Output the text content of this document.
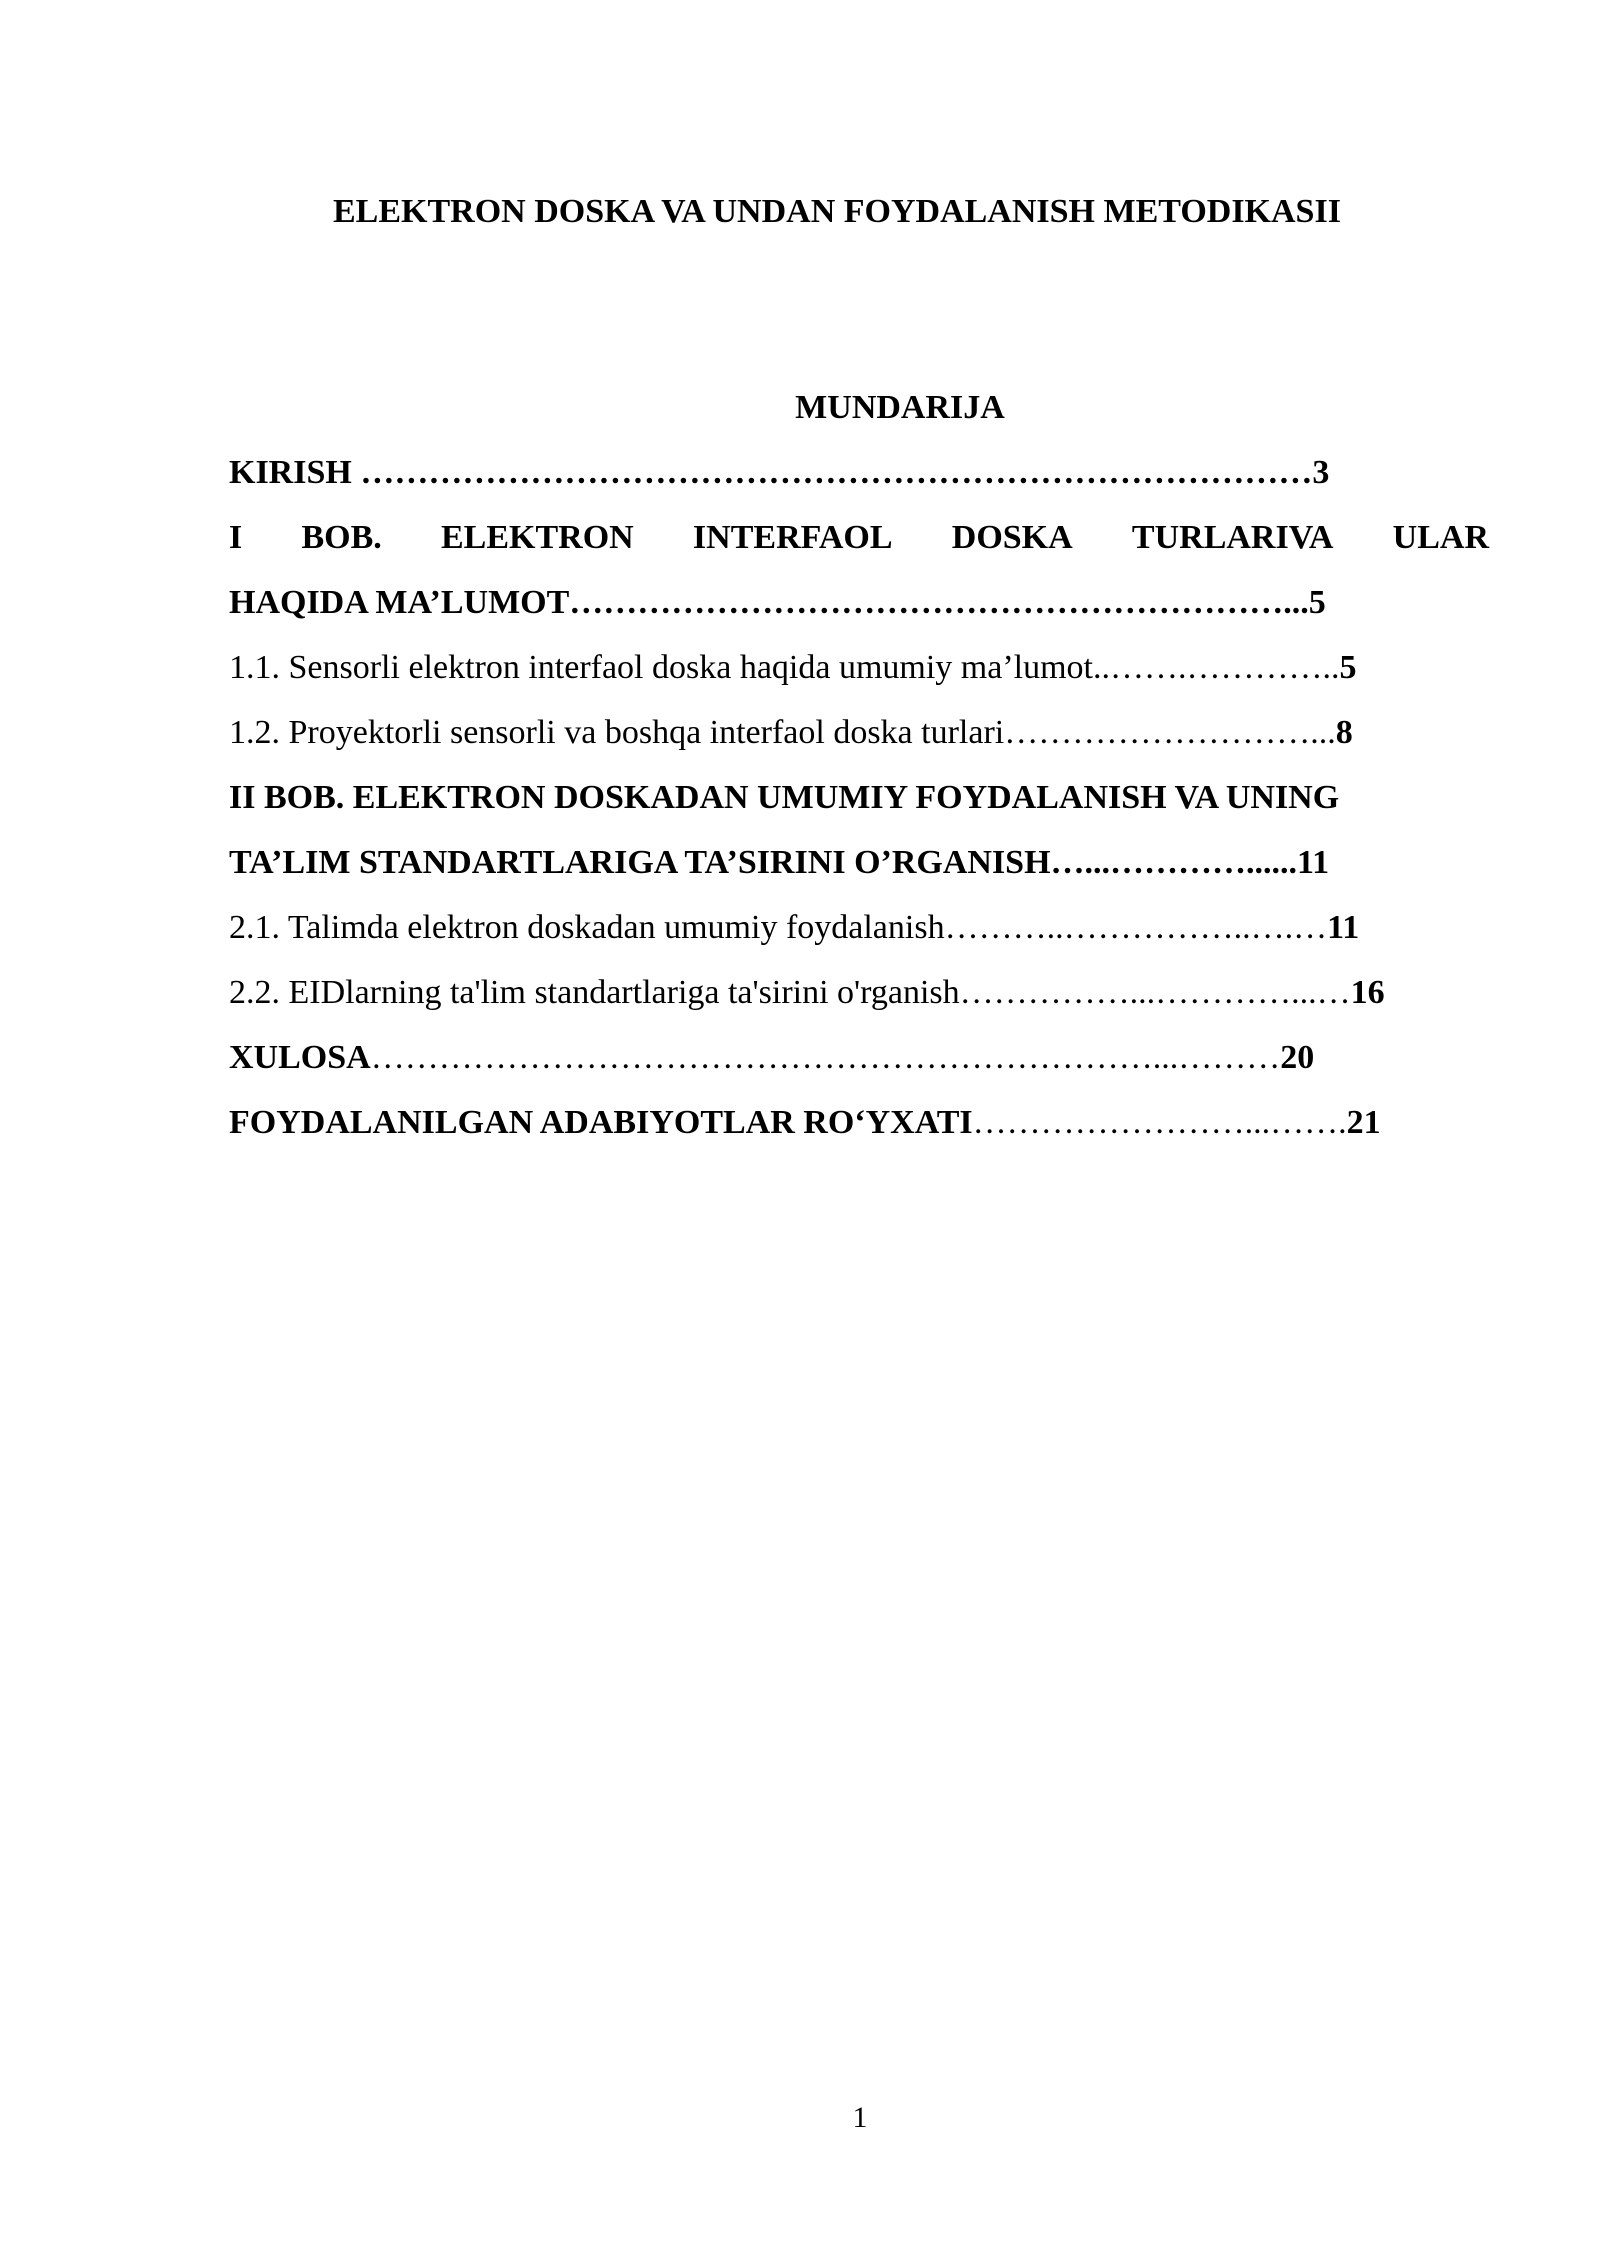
ELEKTRON DOSKA VA UNDAN FOYDALANISH METODIKASII
MUNDARIJA
KIRISH …………………………………………………………………………3
I BOB. ELEKTRON INTERFAOL DOSKA TURLARIVA ULAR
HAQIDA MA’LUMOT………………………………………………………...5
1.1. Sensorli elektron interfaol doska haqida umumiy ma’lumot..…….…………..5
1.2. Proyektorli sensorli va boshqa interfaol doska turlari………………………...8
II BOB. ELEKTRON DOSKADAN UMUMIY FOYDALANISH VA UNING
TA’LIM STANDARTLARIGA TA’SIRINI O’RGANISH…...…………......11
2.1. Talimda elektron doskadan umumiy foydalanish………..……………..….…11
2.2. EIDlarning ta'lim standartlariga ta'sirini o'rganish……………...…………...…16
XULOSA……………………………………………………………...………20
FOYDALANILGAN ADABIYOTLAR RO‘YXATI……………………...…….21
1
